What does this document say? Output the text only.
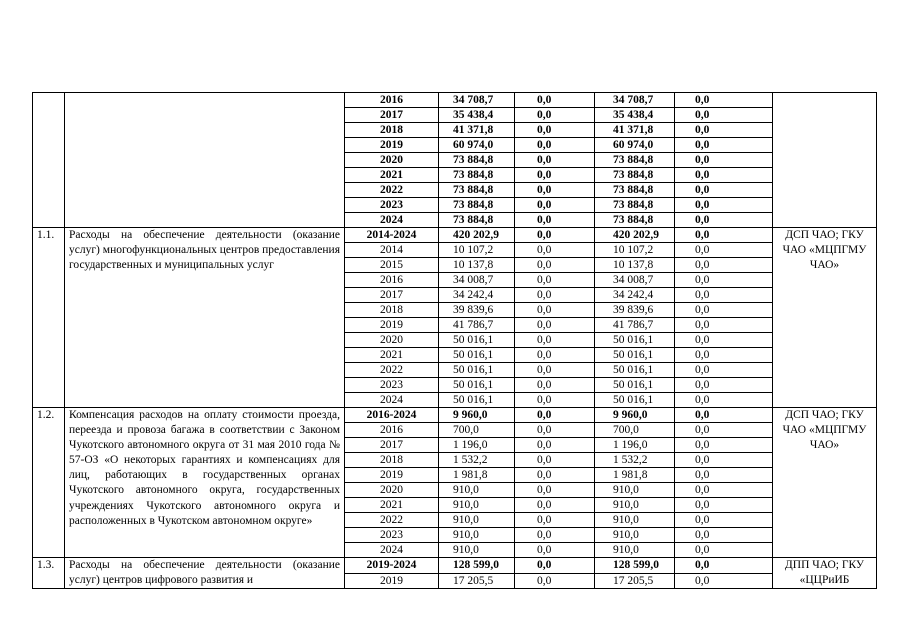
		2016	34 708,7	0,0	34 708,7	0,0	
		2017	35 438,4	0,0	35 438,4	0,0	
		2018	41 371,8	0,0	41 371,8	0,0	
		2019	60 974,0	0,0	60 974,0	0,0	
		2020	73 884,8	0,0	73 884,8	0,0	
		2021	73 884,8	0,0	73 884,8	0,0	
		2022	73 884,8	0,0	73 884,8	0,0	
		2023	73 884,8	0,0	73 884,8	0,0	
		2024	73 884,8	0,0	73 884,8	0,0	
1.1.	Расходы на обеспечение деятельности (оказание услуг) многофункциональных центров предоставления государственных и муниципальных услуг	2014-2024	420 202,9	0,0	420 202,9	0,0	ДСП ЧАО; ГКУ ЧАО «МЦПГМУ ЧАО»
		2014	10 107,2	0,0	10 107,2	0,0	
		2015	10 137,8	0,0	10 137,8	0,0	
		2016	34 008,7	0,0	34 008,7	0,0	
		2017	34 242,4	0,0	34 242,4	0,0	
		2018	39 839,6	0,0	39 839,6	0,0	
		2019	41 786,7	0,0	41 786,7	0,0	
		2020	50 016,1	0,0	50 016,1	0,0	
		2021	50 016,1	0,0	50 016,1	0,0	
		2022	50 016,1	0,0	50 016,1	0,0	
		2023	50 016,1	0,0	50 016,1	0,0	
		2024	50 016,1	0,0	50 016,1	0,0	
1.2.	Компенсация расходов на оплату стоимости проезда, переезда и провоза багажа в соответствии с Законом Чукотского автономного округа от 31 мая 2010 года № 57-ОЗ «О некоторых гарантиях и компенсациях для лиц, работающих в государственных органах Чукотского автономного округа, государственных учреждениях Чукотского автономного округа и расположенных в Чукотском автономном округе»	2016-2024	9 960,0	0,0	9 960,0	0,0	ДСП ЧАО; ГКУ ЧАО «МЦПГМУ ЧАО»
		2016	700,0	0,0	700,0	0,0	
		2017	1 196,0	0,0	1 196,0	0,0	
		2018	1 532,2	0,0	1 532,2	0,0	
		2019	1 981,8	0,0	1 981,8	0,0	
		2020	910,0	0,0	910,0	0,0	
		2021	910,0	0,0	910,0	0,0	
		2022	910,0	0,0	910,0	0,0	
		2023	910,0	0,0	910,0	0,0	
		2024	910,0	0,0	910,0	0,0	
1.3.	Расходы на обеспечение деятельности (оказание услуг) центров цифрового развития и	2019-2024	128 599,0	0,0	128 599,0	0,0	ДПП ЧАО; ГКУ «ЦЦРиИБ
		2019	17 205,5	0,0	17 205,5	0,0	
